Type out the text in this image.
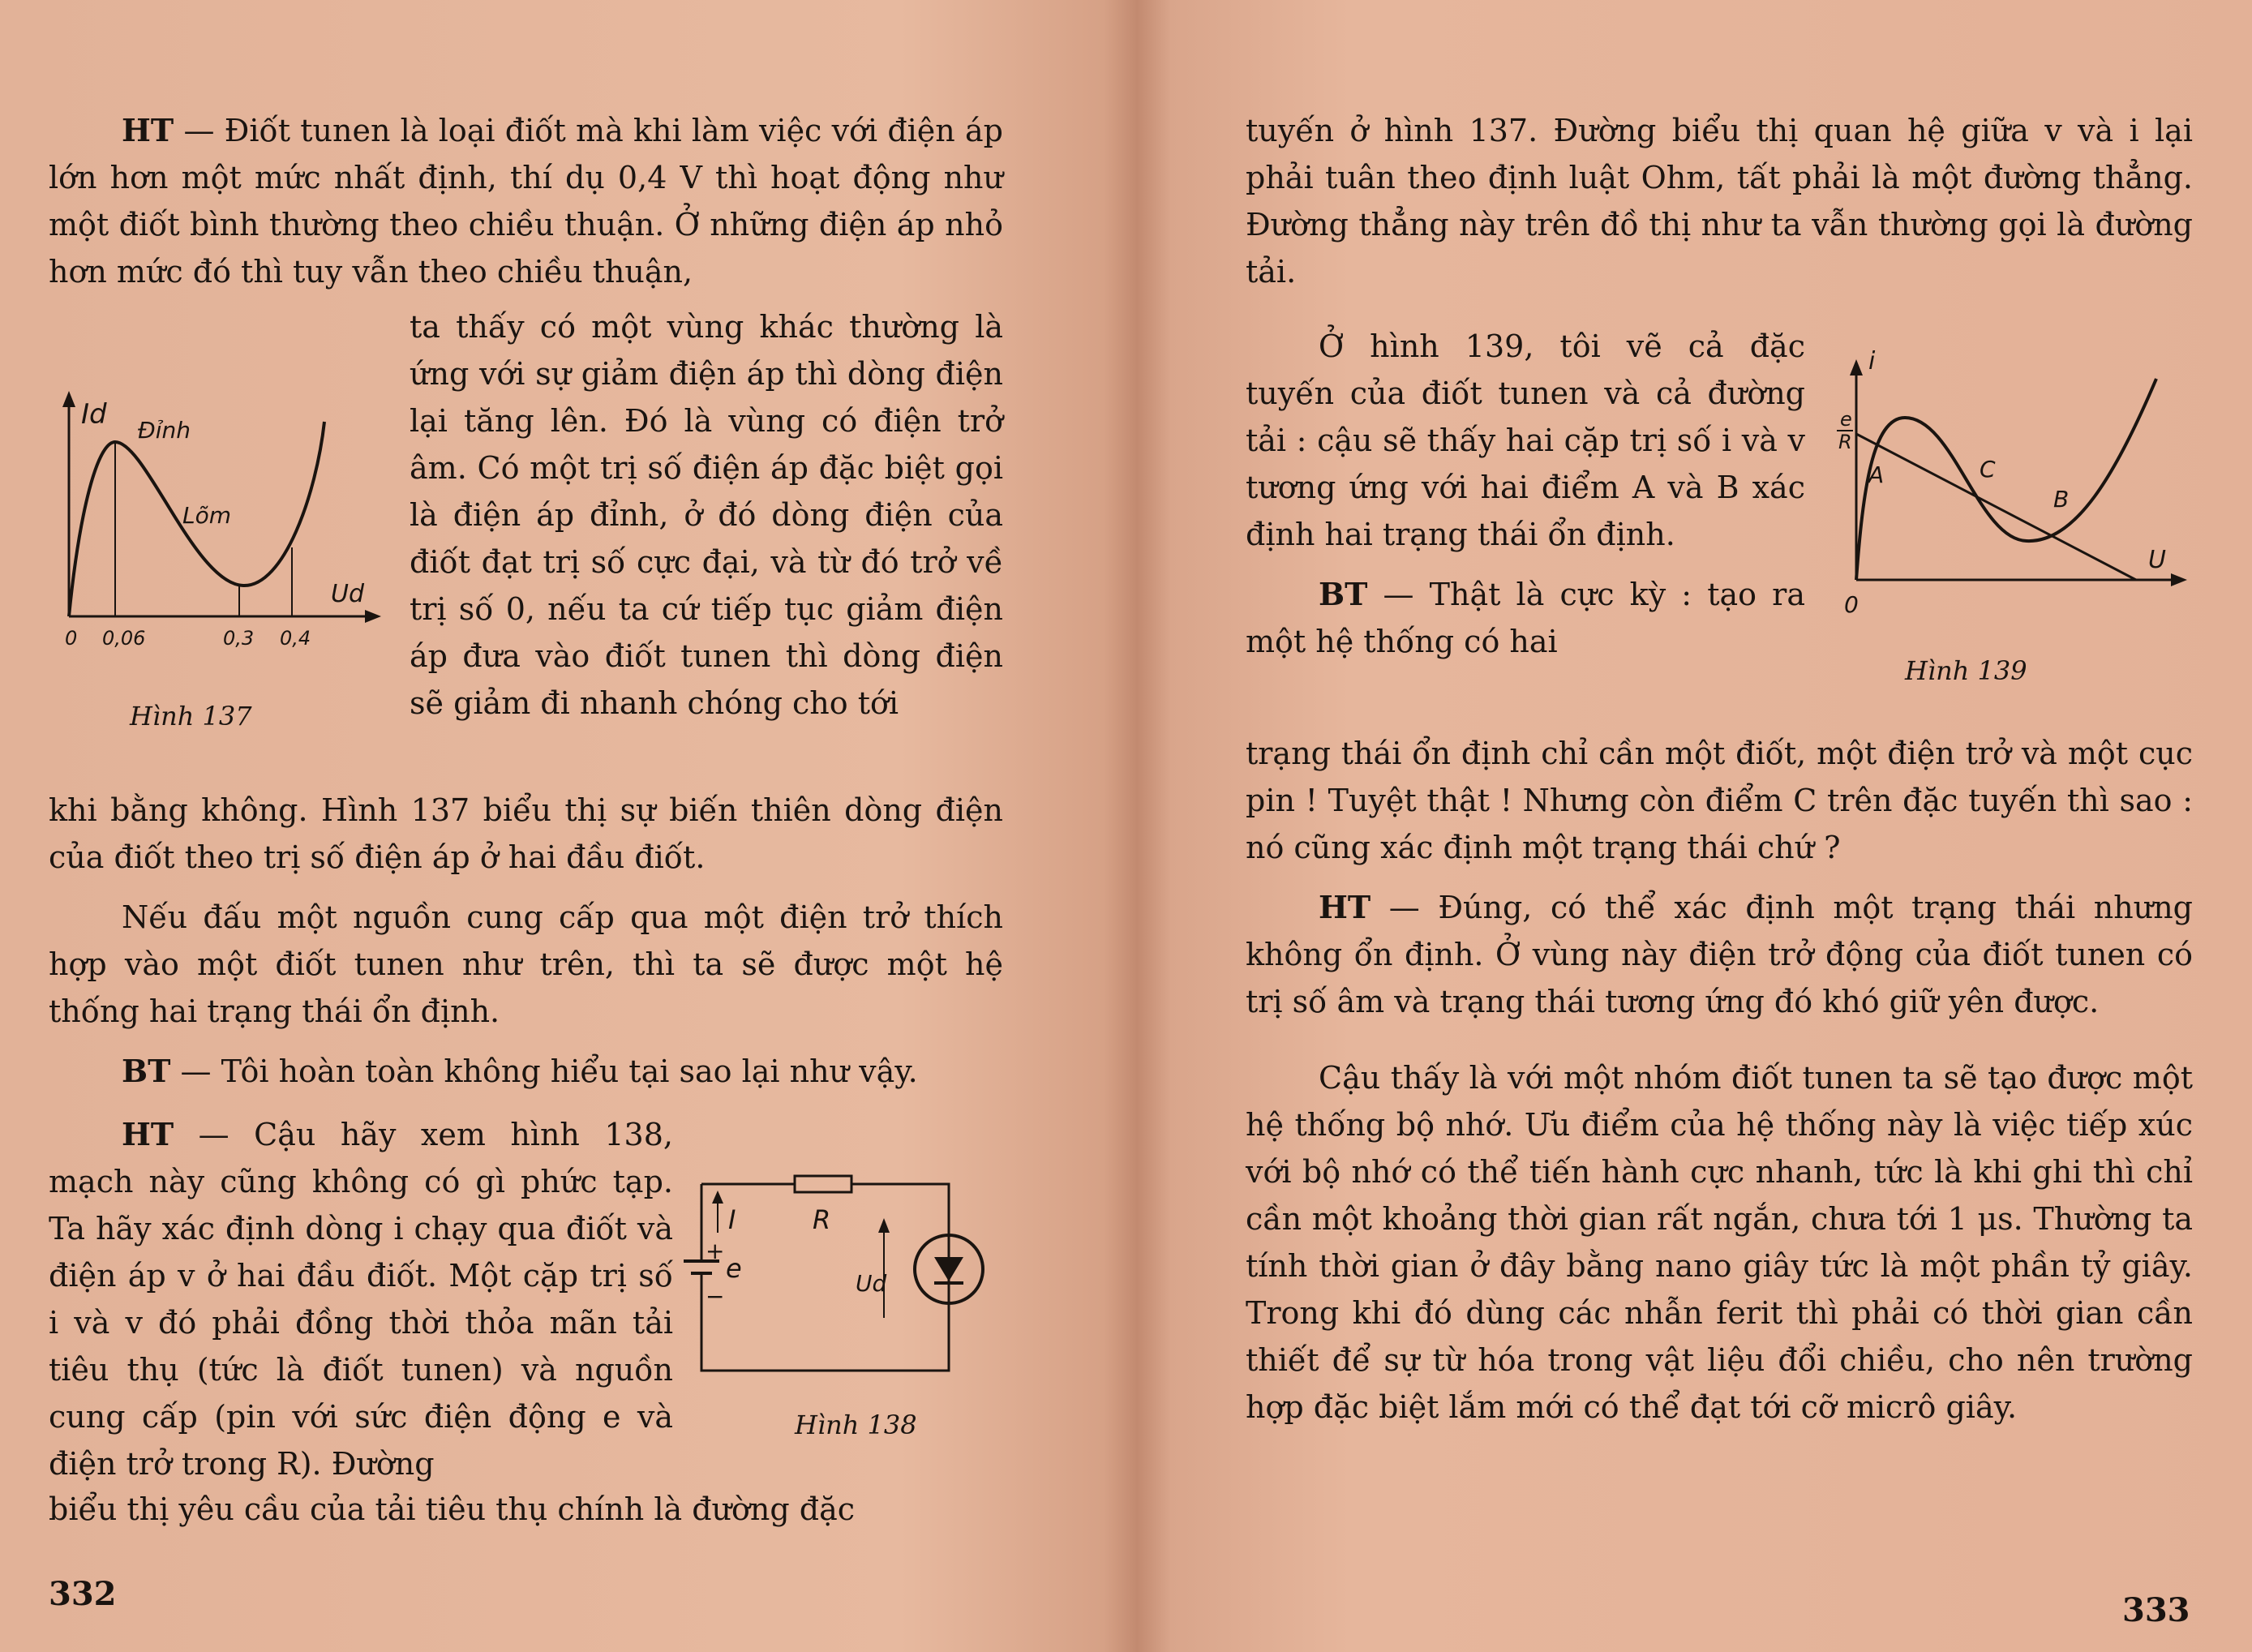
HT — Điốt tunen là loại điốt mà khi làm việc với điện áp lớn hơn một mức nhất định, thí dụ 0,4 V thì hoạt động như một điốt bình thường theo chiều thuận. Ở những điện áp nhỏ hơn mức đó thì tuy vẫn theo chiều thuận,

ta thấy có một vùng khác thường là ứng với sự giảm điện áp thì dòng điện lại tăng lên. Đó là vùng có điện trở âm. Có một trị số điện áp đặc biệt gọi là điện áp đỉnh, ở đó dòng điện của điốt đạt trị số cực đại, và từ đó trở về trị số 0, nếu ta cứ tiếp tục giảm điện áp đưa vào điốt tunen thì dòng điện sẽ giảm đi nhanh chóng cho tới

Id Đỉnh
Lõm
Ud
0 0,06	0,3 0,4
Hình 137

khi bằng không. Hình 137 biểu thị sự biến thiên dòng điện của điốt theo trị số điện áp ở hai đầu điốt.

Nếu đấu một nguồn cung cấp qua một điện trở thích hợp vào một điốt tunen như trên, thì ta sẽ được một hệ thống hai trạng thái ổn định.

BT — Tôi hoàn toàn không hiểu tại sao lại như vậy.

HT — Cậu hãy xem hình 138, mạch này cũng không có gì phức tạp. Ta hãy xác định dòng i chạy qua điốt và điện áp v ở hai đầu điốt. Một cặp trị số i và v đó phải đồng thời thỏa mãn tải tiêu thụ (tức là điốt tunen) và nguồn cung cấp (pin với sức điện động e và điện trở trong R). Đường

I	R
+
e
−	Ud
Hình 138

biểu thị yêu cầu của tải tiêu thụ chính là đường đặc

332

tuyến ở hình 137. Đường biểu thị quan hệ giữa v và i lại phải tuân theo định luật Ohm, tất phải là một đường thẳng. Đường thẳng này trên đồ thị như ta vẫn thường gọi là đường tải.

Ở hình 139, tôi vẽ cả đặc tuyến của điốt tunen và cả đường tải : cậu sẽ thấy hai cặp trị số i và v tương ứng với hai điểm A và B xác định hai trạng thái ổn định.

BT — Thật là cực kỳ : tạo ra một hệ thống có hai

i
U
0
e
R
A	C
B
Hình 139

trạng thái ổn định chỉ cần một điốt, một điện trở và một cục pin ! Tuyệt thật ! Nhưng còn điểm C trên đặc tuyến thì sao : nó cũng xác định một trạng thái chứ ?

HT — Đúng, có thể xác định một trạng thái nhưng không ổn định. Ở vùng này điện trở động của điốt tunen có trị số âm và trạng thái tương ứng đó khó giữ yên được.

Cậu thấy là với một nhóm điốt tunen ta sẽ tạo được một hệ thống bộ nhớ. Ưu điểm của hệ thống này là việc tiếp xúc với bộ nhớ có thể tiến hành cực nhanh, tức là khi ghi thì chỉ cần một khoảng thời gian rất ngắn, chưa tới 1 μs. Thường ta tính thời gian ở đây bằng nano giây tức là một phần tỷ giây. Trong khi đó dùng các nhẫn ferit thì phải có thời gian cần thiết để sự từ hóa trong vật liệu đổi chiều, cho nên trường hợp đặc biệt lắm mới có thể đạt tới cỡ micrô giây.

333
